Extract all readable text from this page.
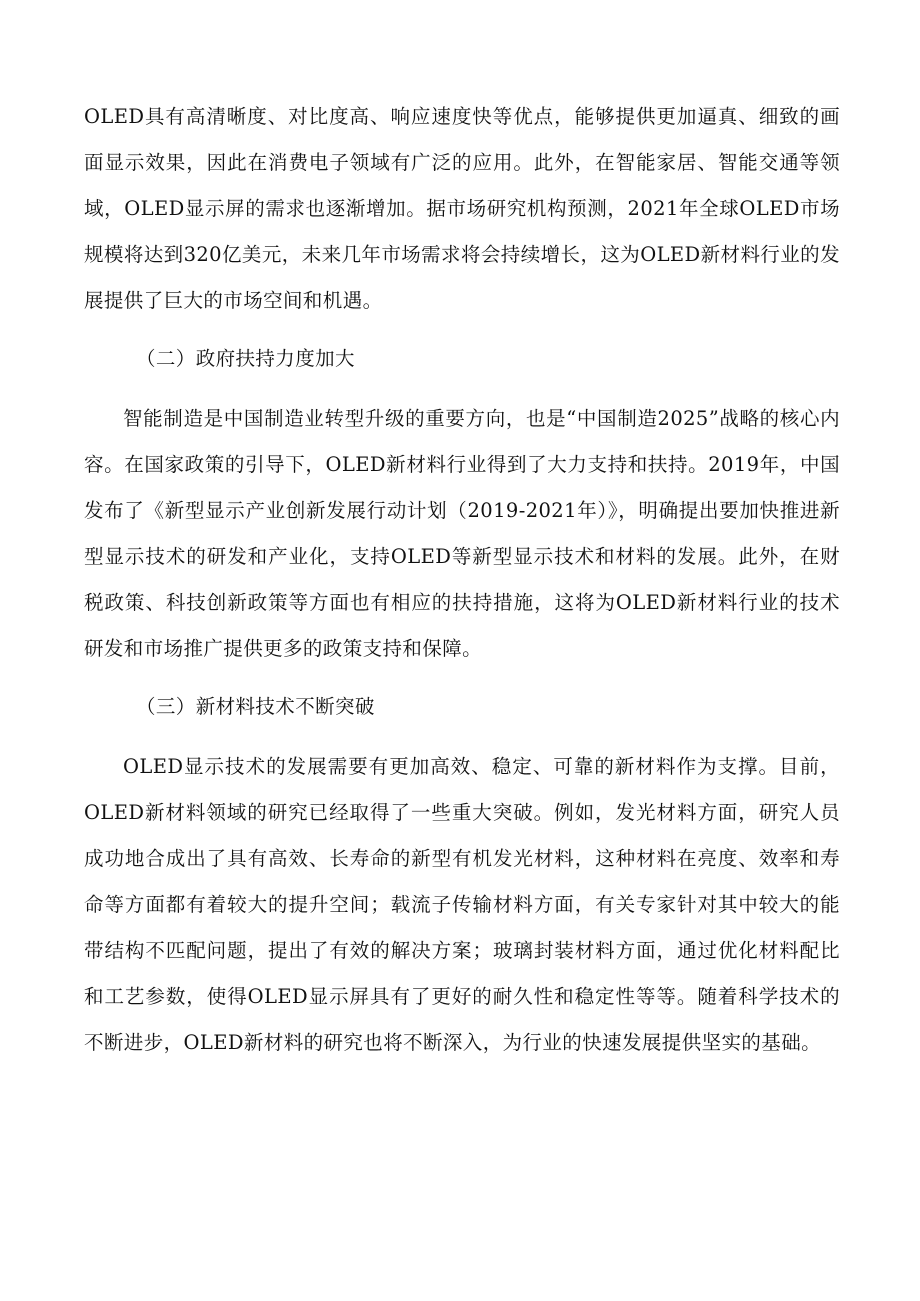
OLED具有高清晰度、对比度高、响应速度快等优点，能够提供更加逼真、细致的画面显示效果，因此在消费电子领域有广泛的应用。此外，在智能家居、智能交通等领域，OLED显示屏的需求也逐渐增加。据市场研究机构预测，2021年全球OLED市场规模将达到320亿美元，未来几年市场需求将会持续增长，这为OLED新材料行业的发展提供了巨大的市场空间和机遇。

（二）政府扶持力度加大

智能制造是中国制造业转型升级的重要方向，也是“中国制造2025”战略的核心内容。在国家政策的引导下，OLED新材料行业得到了大力支持和扶持。2019年，中国发布了《新型显示产业创新发展行动计划（2019-2021年）》，明确提出要加快推进新型显示技术的研发和产业化，支持OLED等新型显示技术和材料的发展。此外，在财税政策、科技创新政策等方面也有相应的扶持措施，这将为OLED新材料行业的技术研发和市场推广提供更多的政策支持和保障。

（三）新材料技术不断突破

OLED显示技术的发展需要有更加高效、稳定、可靠的新材料作为支撑。目前，OLED新材料领域的研究已经取得了一些重大突破。例如，发光材料方面，研究人员成功地合成出了具有高效、长寿命的新型有机发光材料，这种材料在亮度、效率和寿命等方面都有着较大的提升空间；载流子传输材料方面，有关专家针对其中较大的能带结构不匹配问题，提出了有效的解决方案；玻璃封装材料方面，通过优化材料配比和工艺参数，使得OLED显示屏具有了更好的耐久性和稳定性等等。随着科学技术的不断进步，OLED新材料的研究也将不断深入，为行业的快速发展提供坚实的基础。
